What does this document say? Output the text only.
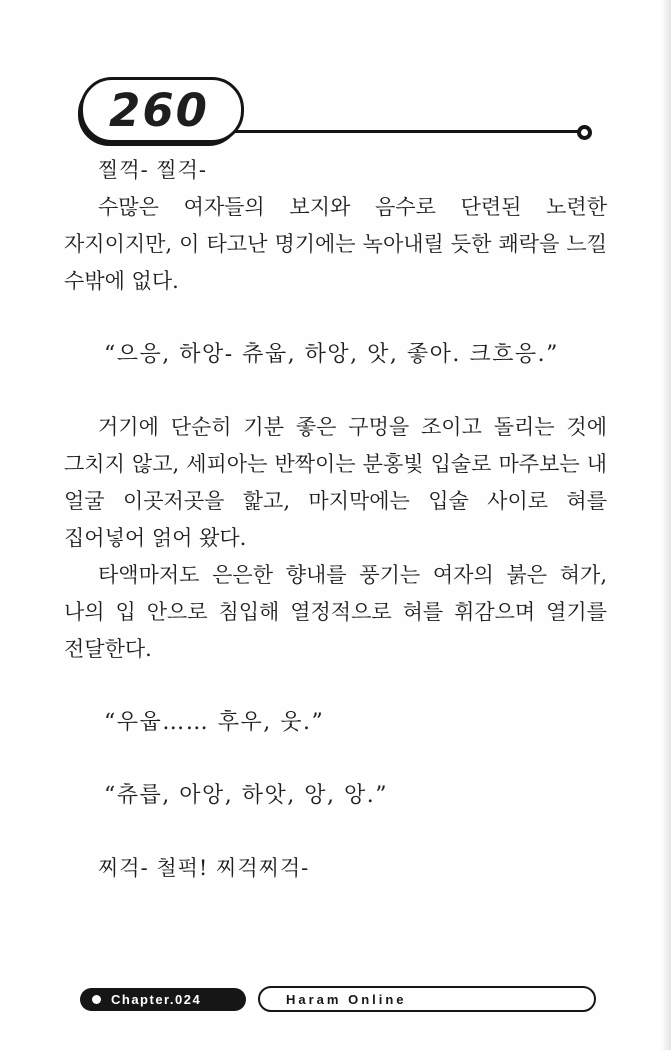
260

찔꺽- 찔걱-

수많은 여자들의 보지와 음수로 단련된 노련한 자지이지만, 이 타고난 명기에는 녹아내릴 듯한 쾌락을 느낄 수밖에 없다.

“으응, 하앙- 츄웁, 하앙, 앗, 좋아. 크흐응.”

거기에 단순히 기분 좋은 구멍을 조이고 돌리는 것에 그치지 않고, 세피아는 반짝이는 분홍빛 입술로 마주보는 내 얼굴 이곳저곳을 핥고, 마지막에는 입술 사이로 혀를 집어넣어 얽어 왔다.

타액마저도 은은한 향내를 풍기는 여자의 붉은 혀가, 나의 입 안으로 침입해 열정적으로 혀를 휘감으며 열기를 전달한다.

“우웁…… 후우, 웃.”

“츄릅, 아앙, 하앗, 앙, 앙.”

찌걱- 철퍽! 찌걱찌걱-

Chapter.024	Haram Online
